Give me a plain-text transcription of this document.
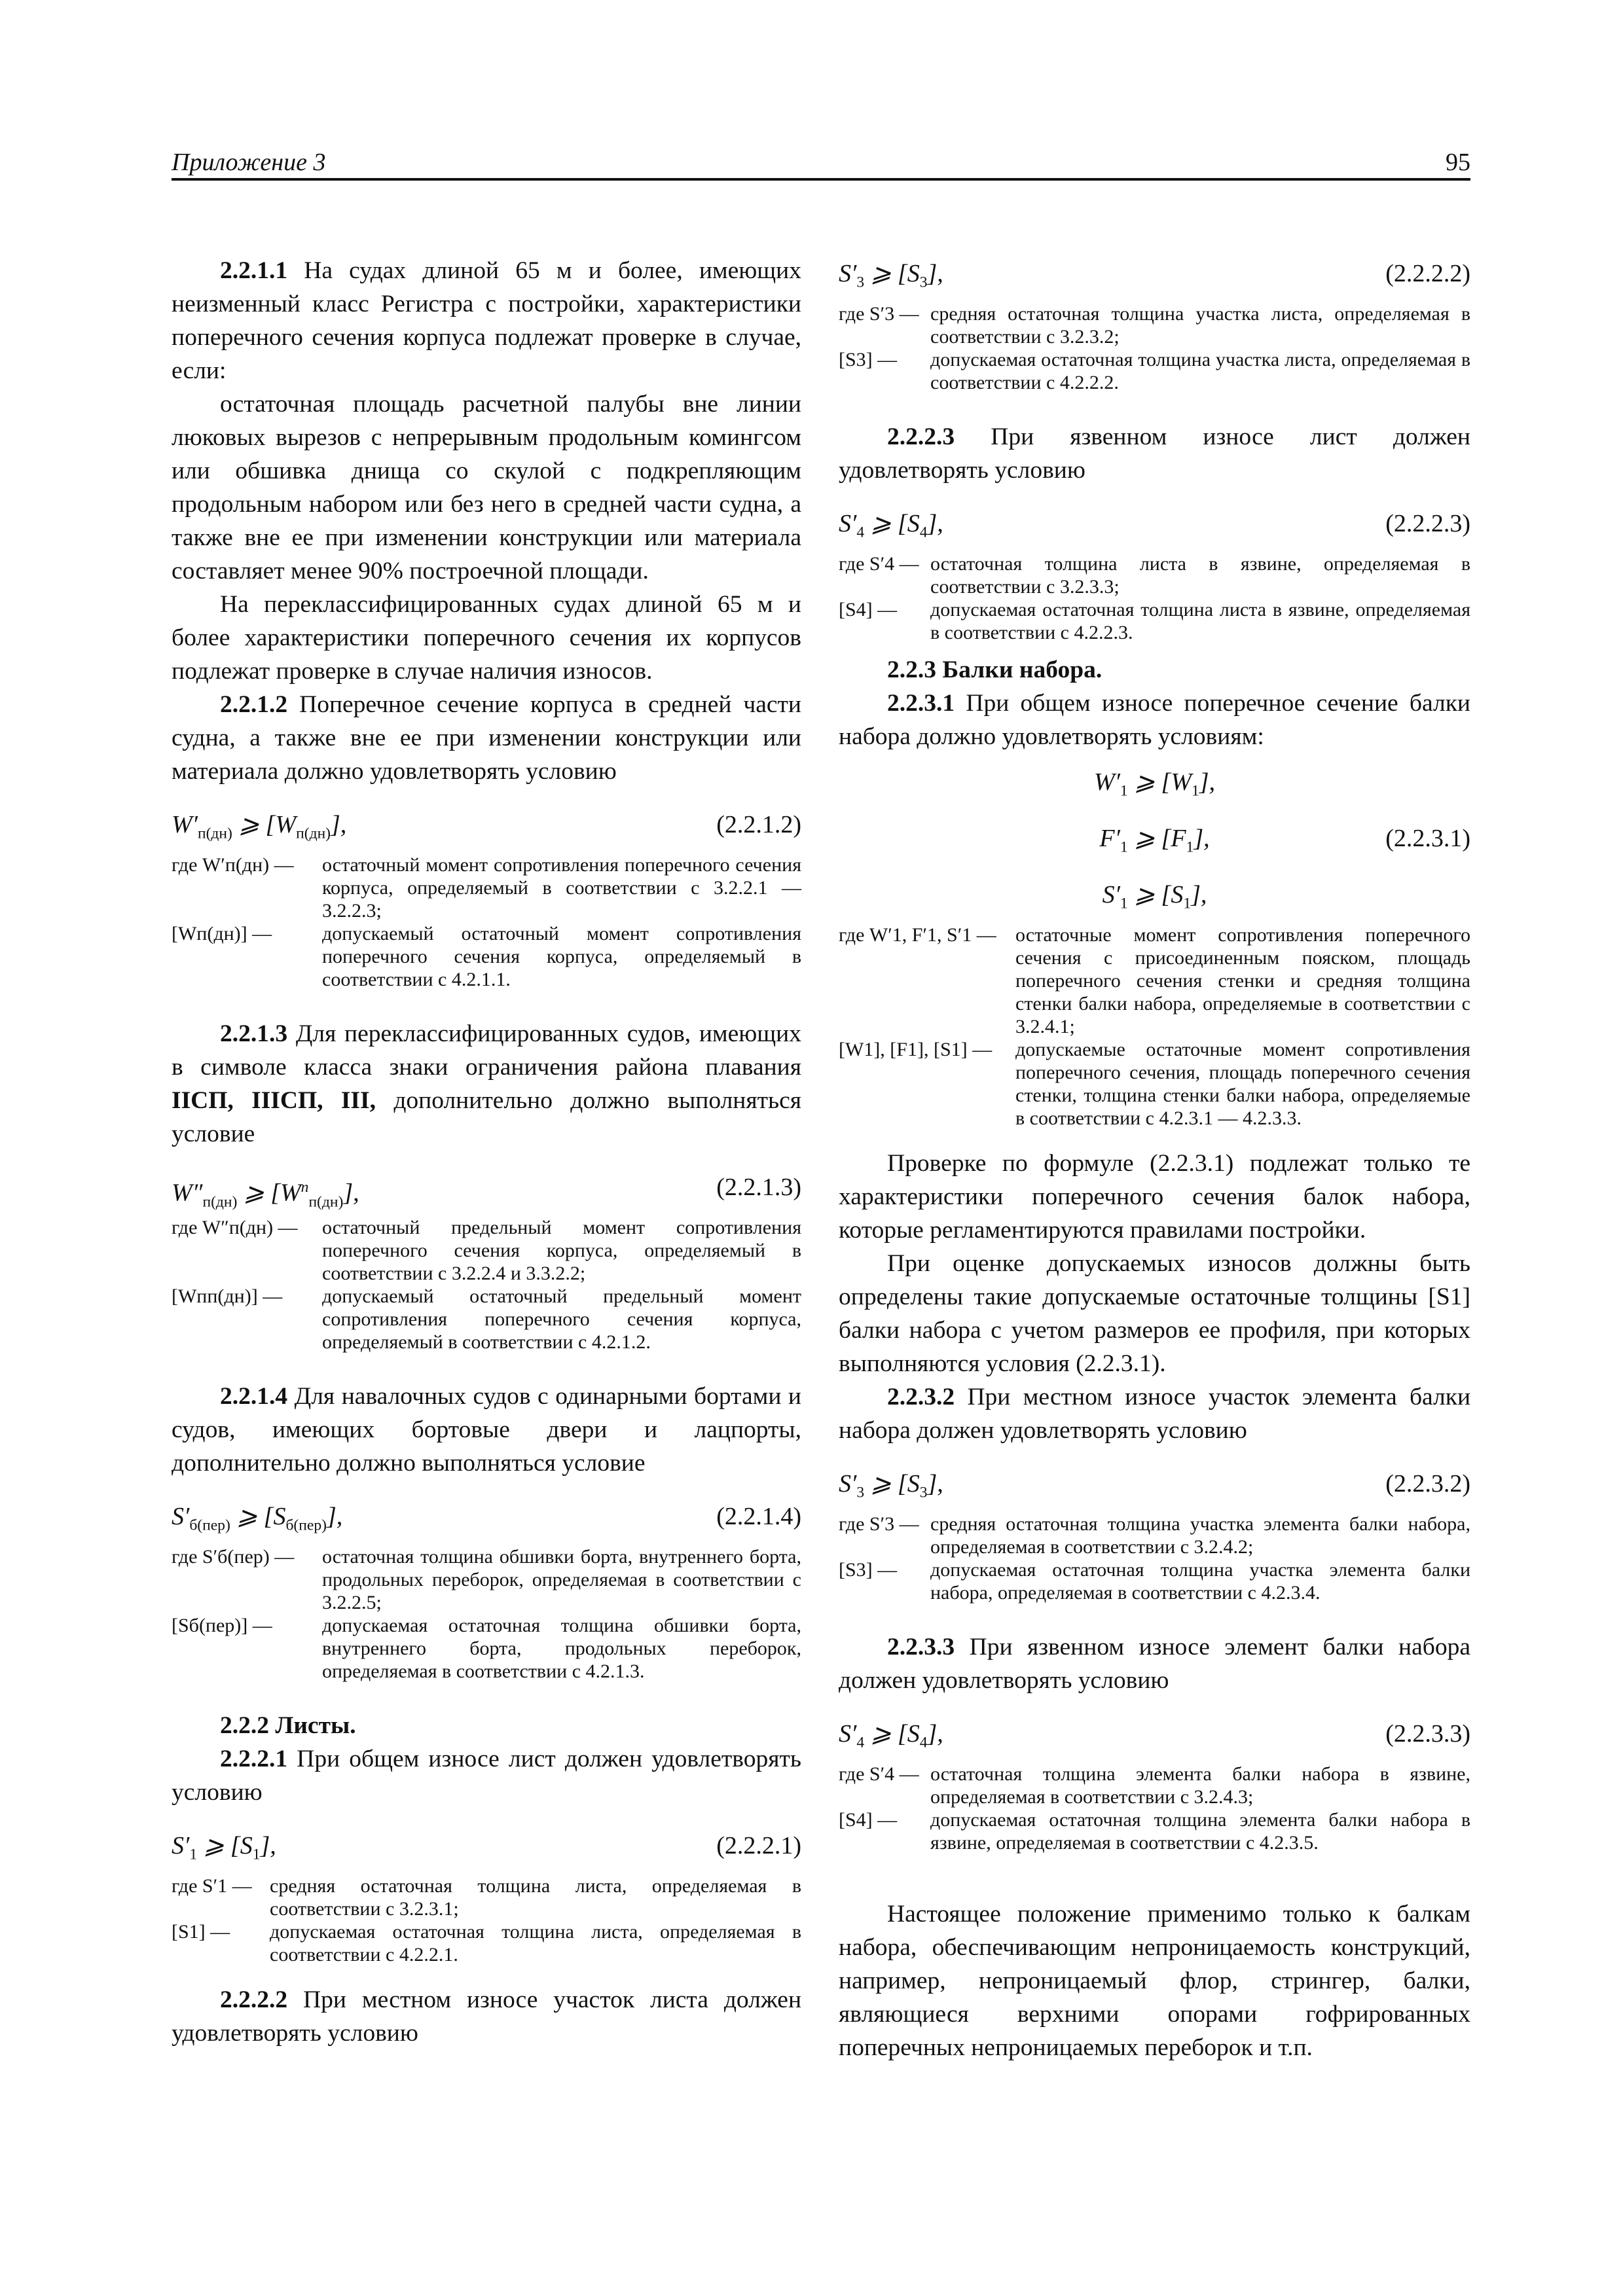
Приложение 3	95

2.2.1.1 На судах длиной 65 м и более, имеющих неизменный класс Регистра с постройки, характеристики поперечного сечения корпуса подлежат проверке в случае, если:

остаточная площадь расчетной палубы вне линии люковых вырезов с непрерывным продольным комингсом или обшивка днища со скулой с подкрепляющим продольным набором или без него в средней части судна, а также вне ее при изменении конструкции или материала составляет менее 90% построечной площади.

На переклассифицированных судах длиной 65 м и более характеристики поперечного сечения их корпусов подлежат проверке в случае наличия износов.

2.2.1.2 Поперечное сечение корпуса в средней части судна, а также вне ее при изменении конструкции или материала должно удовлетворять условию

$W'_{п(дн)}$ ⩾ $[W_{п(дн)}]$,	(2.2.1.2)

где W′п(дн) — остаточный момент сопротивления поперечного сечения корпуса, определяемый в соответствии с 3.2.2.1 — 3.2.2.3;

[Wп(дн)] —	допускаемый остаточный момент сопротивления поперечного сечения корпуса, определяемый в соответствии с 4.2.1.1.

2.2.1.3 Для переклассифицированных судов, имеющих в символе класса знаки ограничения района плавания IIСП, IIIСП, III, дополнительно должно выполняться условие

$W''_{п(дн)}$ ⩾ $[W^п_{п(дн)}]$,	(2.2.1.3)

где W″п(дн) — остаточный предельный момент сопротивления поперечного сечения корпуса, определяемый в соответствии с 3.2.2.4 и 3.3.2.2;

[Wпп(дн)] — допускаемый остаточный предельный момент сопротивления поперечного сечения корпуса, определяемый в соответствии с 4.2.1.2.

2.2.1.4 Для навалочных судов с одинарными бортами и судов, имеющих бортовые двери и лацпорты, дополнительно должно выполняться условие

$S'_{б(пер)}$ ⩾ $[S_{б(пер)}]$,	(2.2.1.4)

где S′б(пер) — остаточная толщина обшивки борта, внутреннего борта, продольных переборок, определяемая в соответствии с 3.2.2.5;

[Sб(пер)] —	допускаемая остаточная толщина обшивки борта, внутреннего борта, продольных переборок, определяемая в соответствии с 4.2.1.3.

2.2.2 Листы.

2.2.2.1 При общем износе лист должен удовлетворять условию

$S'_1$ ⩾ $[S_1]$,	(2.2.2.1)

где S′1 — средняя остаточная толщина листа, определяемая в соответствии с 3.2.3.1;

[S1] — допускаемая остаточная толщина листа, определяемая в соответствии с 4.2.2.1.

2.2.2.2 При местном износе участок листа должен удовлетворять условию

$S'_3$ ⩾ $[S_3]$,	(2.2.2.2)

где S′3 — средняя остаточная толщина участка листа, определяемая в соответствии с 3.2.3.2;

[S3] — допускаемая остаточная толщина участка листа, определяемая в соответствии с 4.2.2.2.

2.2.2.3 При язвенном износе лист должен удовлетворять условию

$S'_4$ ⩾ $[S_4]$,	(2.2.2.3)

где S′4 — остаточная толщина листа в язвине, определяемая в соответствии с 3.2.3.3;

[S4] — допускаемая остаточная толщина листа в язвине, определяемая в соответствии с 4.2.2.3.

2.2.3 Балки набора.

2.2.3.1 При общем износе поперечное сечение балки набора должно удовлетворять условиям:

$W'_1$ ⩾ $[W_1]$,
$F'_1$ ⩾ $[F_1]$,	(2.2.3.1)
$S'_1$ ⩾ $[S_1]$,

где W′1, F′1, S′1 — остаточные момент сопротивления поперечного сечения с присоединенным пояском, площадь поперечного сечения стенки и средняя толщина стенки балки набора, определяемые в соответствии с 3.2.4.1;

[W1], [F1], [S1] — допускаемые остаточные момент сопротивления поперечного сечения, площадь поперечного сечения стенки, толщина стенки балки набора, определяемые в соответствии с 4.2.3.1 — 4.2.3.3.

Проверке по формуле (2.2.3.1) подлежат только те характеристики поперечного сечения балок набора, которые регламентируются правилами постройки.

При оценке допускаемых износов должны быть определены такие допускаемые остаточные толщины [S1] балки набора с учетом размеров ее профиля, при которых выполняются условия (2.2.3.1).

2.2.3.2 При местном износе участок элемента балки набора должен удовлетворять условию

$S'_3$ ⩾ $[S_3]$,	(2.2.3.2)

где S′3 — средняя остаточная толщина участка элемента балки набора, определяемая в соответствии с 3.2.4.2;

[S3] — допускаемая остаточная толщина участка элемента балки набора, определяемая в соответствии с 4.2.3.4.

2.2.3.3 При язвенном износе элемент балки набора должен удовлетворять условию

$S'_4$ ⩾ $[S_4]$,	(2.2.3.3)

где S′4 — остаточная толщина элемента балки набора в язвине, определяемая в соответствии с 3.2.4.3;

[S4] — допускаемая остаточная толщина элемента балки набора в язвине, определяемая в соответствии с 4.2.3.5.

Настоящее положение применимо только к балкам набора, обеспечивающим непроницаемость конструкций, например, непроницаемый флор, стрингер, балки, являющиеся верхними опорами гофрированных поперечных непроницаемых переборок и т.п.
